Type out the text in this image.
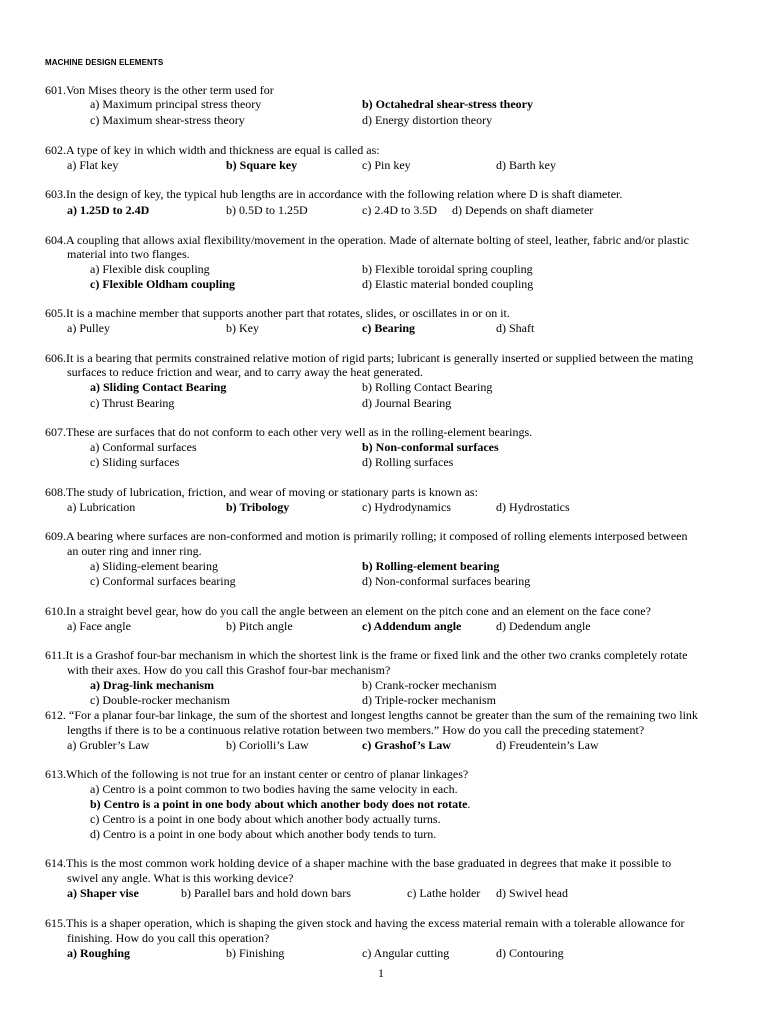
MACHINE DESIGN ELEMENTS
601.Von Mises theory is the other term used for
a) Maximum principal stress theory	b) Octahedral shear-stress theory
c) Maximum shear-stress theory	d) Energy distortion theory
602.A type of key in which width and thickness are equal is called as:
a) Flat key	b) Square key	c) Pin key	d) Barth key
603.In the design of key, the typical hub lengths are in accordance with the following relation where D is shaft diameter.
a) 1.25D to 2.4D	b) 0.5D to 1.25D	c) 2.4D to 3.5D d) Depends on shaft diameter
604.A coupling that allows axial flexibility/movement in the operation. Made of alternate bolting of steel, leather, fabric and/or plastic
material into two flanges.
a) Flexible disk coupling	b) Flexible toroidal spring coupling
c) Flexible Oldham coupling	d) Elastic material bonded coupling
605.It is a machine member that supports another part that rotates, slides, or oscillates in or on it.
a) Pulley	b) Key	c) Bearing	d) Shaft
606.It is a bearing that permits constrained relative motion of rigid parts; lubricant is generally inserted or supplied between the mating
surfaces to reduce friction and wear, and to carry away the heat generated.
a) Sliding Contact Bearing	b) Rolling Contact Bearing
c) Thrust Bearing	d) Journal Bearing
607.These are surfaces that do not conform to each other very well as in the rolling-element bearings.
a) Conformal surfaces	b) Non-conformal surfaces
c) Sliding surfaces	d) Rolling surfaces
608.The study of lubrication, friction, and wear of moving or stationary parts is known as:
a) Lubrication	b) Tribology	c) Hydrodynamics	d) Hydrostatics
609.A bearing where surfaces are non-conformed and motion is primarily rolling; it composed of rolling elements interposed between
an outer ring and inner ring.
a) Sliding-element bearing	b) Rolling-element bearing
c) Conformal surfaces bearing	d) Non-conformal surfaces bearing
610.In a straight bevel gear, how do you call the angle between an element on the pitch cone and an element on the face cone?
a) Face angle	b) Pitch angle	c) Addendum angle	d) Dedendum angle
611.It is a Grashof four-bar mechanism in which the shortest link is the frame or fixed link and the other two cranks completely rotate
with their axes. How do you call this Grashof four-bar mechanism?
a) Drag-link mechanism	b) Crank-rocker mechanism
c) Double-rocker mechanism	d) Triple-rocker mechanism
612. “For a planar four-bar linkage, the sum of the shortest and longest lengths cannot be greater than the sum of the remaining two link
lengths if there is to be a continuous relative rotation between two members.” How do you call the preceding statement?
a) Grubler’s Law	b) Coriolli’s Law	c) Grashof’s Law	d) Freudentein’s Law
613.Which of the following is not true for an instant center or centro of planar linkages?
a) Centro is a point common to two bodies having the same velocity in each.
b) Centro is a point in one body about which another body does not rotate.
c) Centro is a point in one body about which another body actually turns.
d) Centro is a point in one body about which another body tends to turn.
614.This is the most common work holding device of a shaper machine with the base graduated in degrees that make it possible to
swivel any angle. What is this working device?
a) Shaper vise	b) Parallel bars and hold down bars	c) Lathe holder d) Swivel head
615.This is a shaper operation, which is shaping the given stock and having the excess material remain with a tolerable allowance for
finishing. How do you call this operation?
a) Roughing	b) Finishing	c) Angular cutting	d) Contouring
1
